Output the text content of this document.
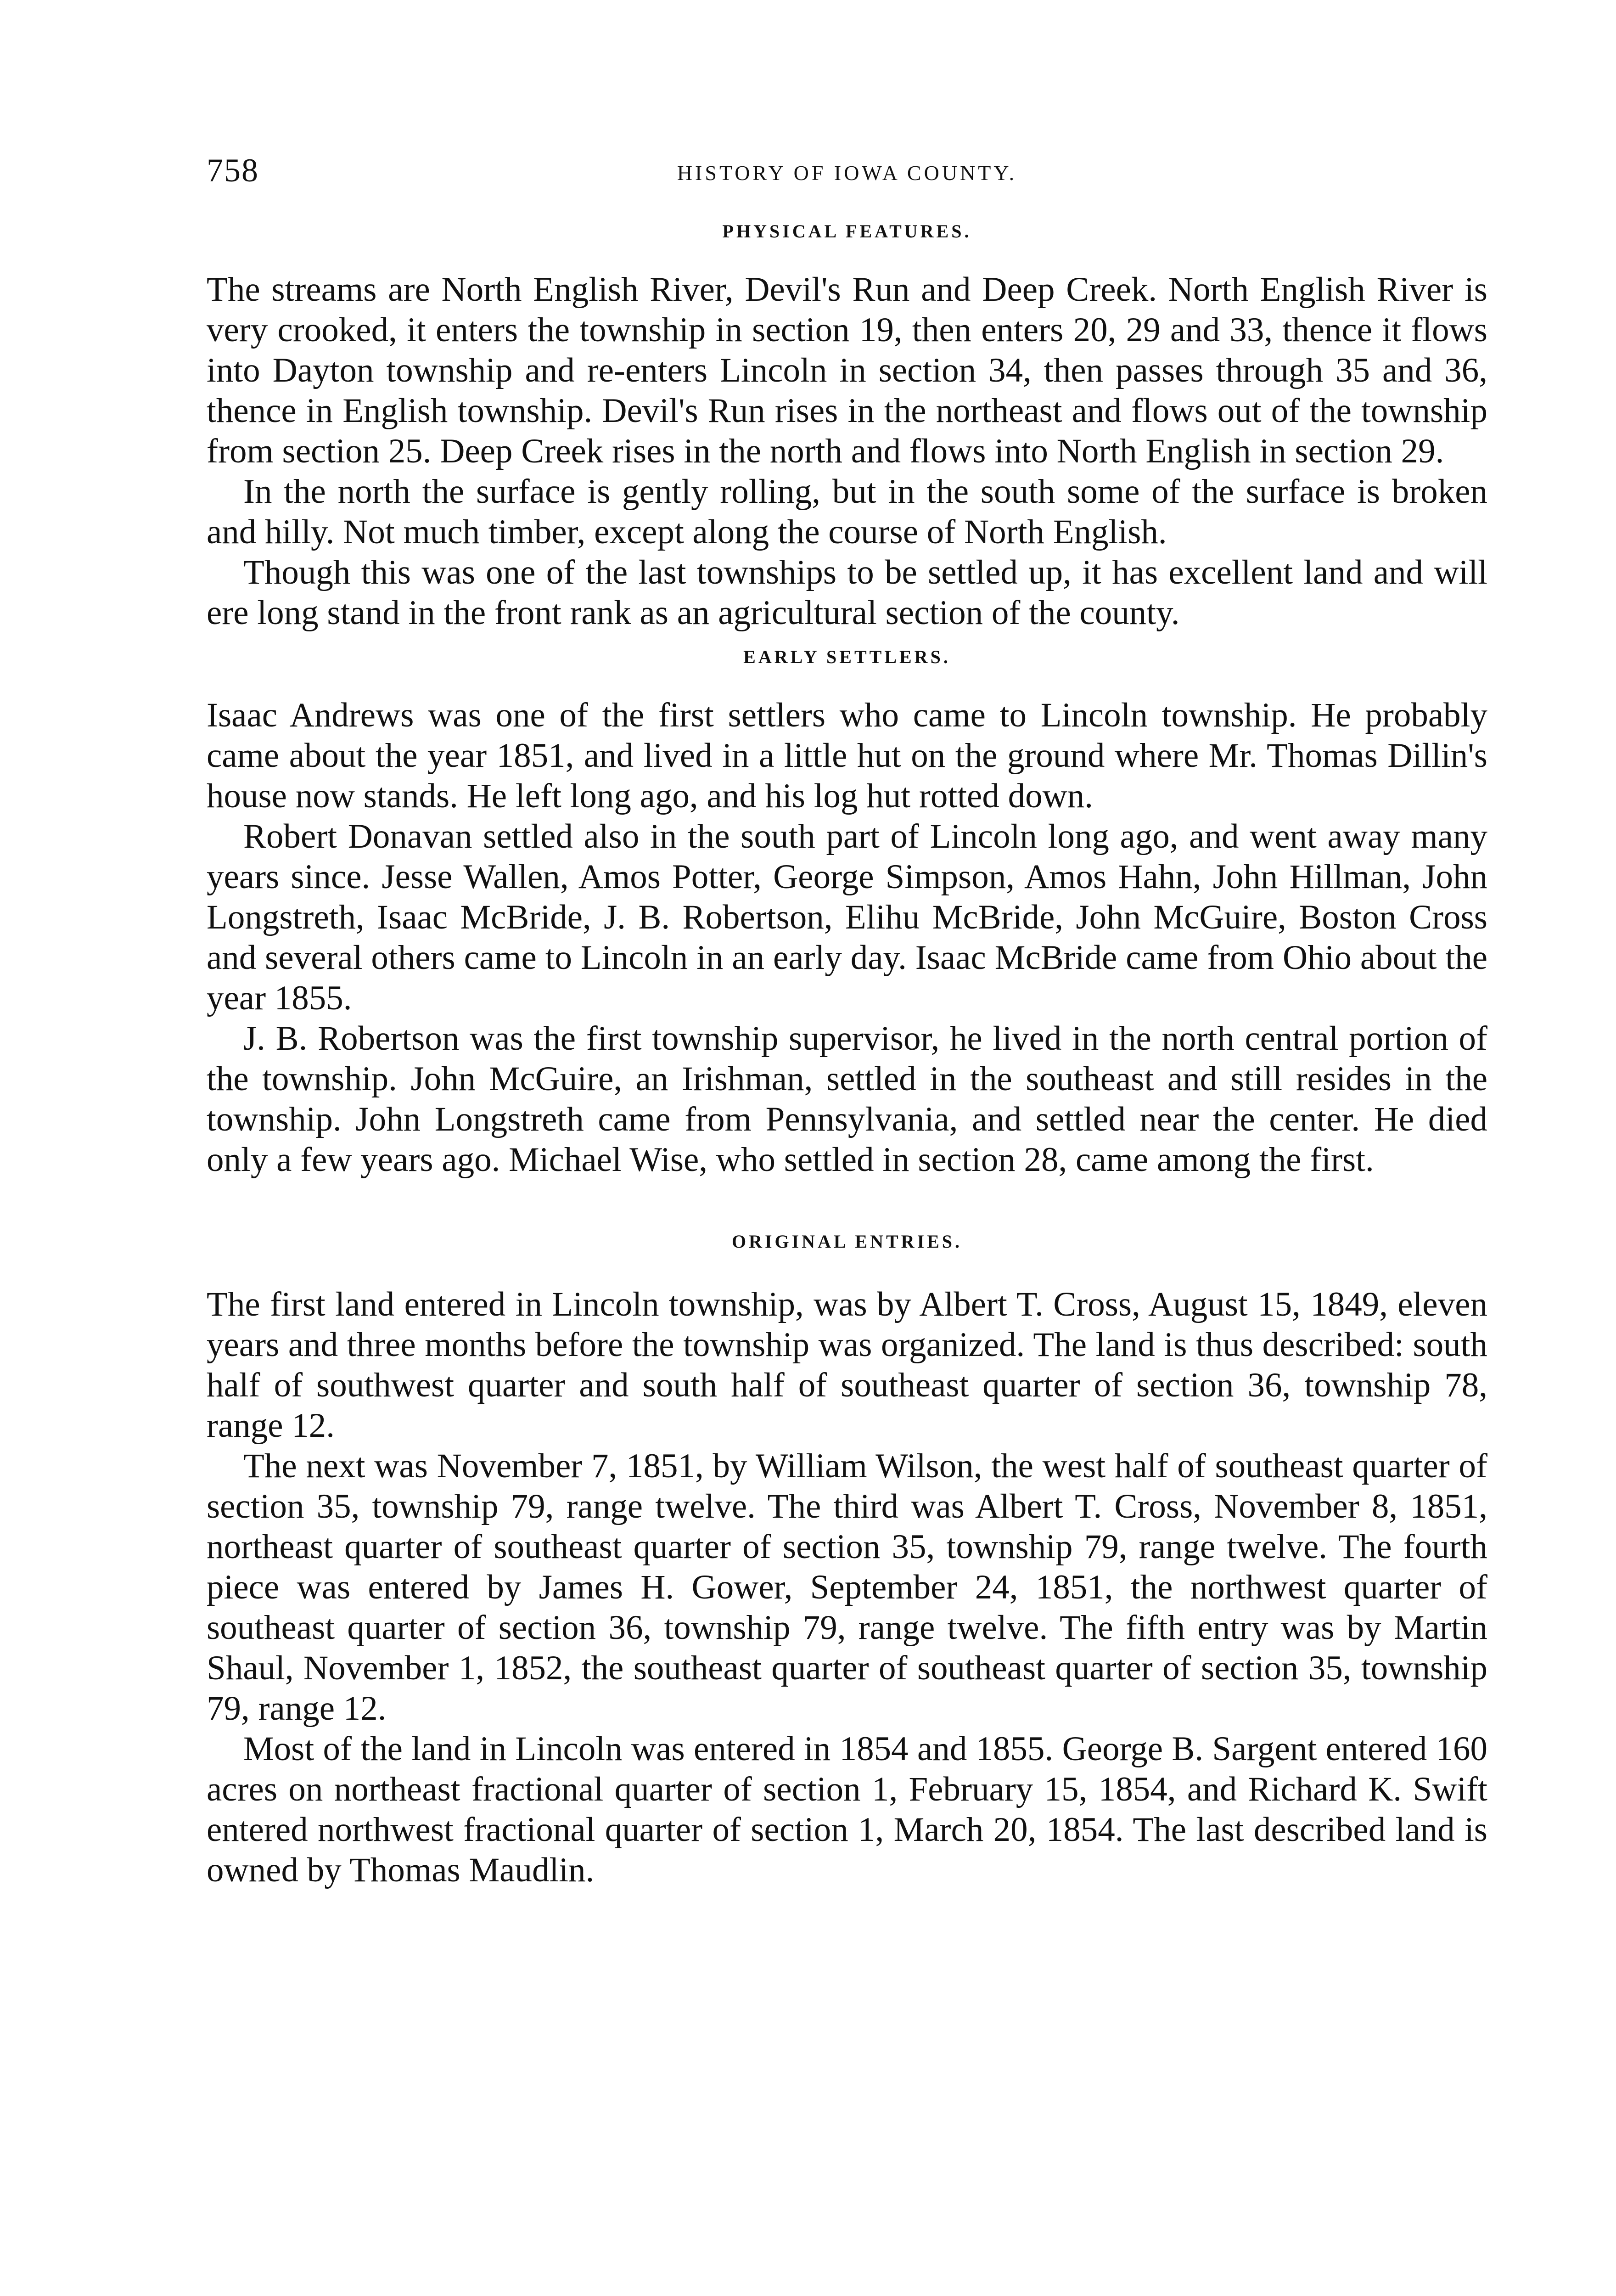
758	HISTORY OF IOWA COUNTY.
PHYSICAL FEATURES.

The streams are North English River, Devil's Run and Deep Creek. North English River is very crooked, it enters the township in section 19, then enters 20, 29 and 33, thence it flows into Dayton township and re-enters Lincoln in section 34, then passes through 35 and 36, thence in English township. Devil's Run rises in the northeast and flows out of the township from section 25. Deep Creek rises in the north and flows into North English in section 29.

In the north the surface is gently rolling, but in the south some of the surface is broken and hilly. Not much timber, except along the course of North English.

Though this was one of the last townships to be settled up, it has excellent land and will ere long stand in the front rank as an agricultural section of the county.

EARLY SETTLERS.

Isaac Andrews was one of the first settlers who came to Lincoln township. He probably came about the year 1851, and lived in a little hut on the ground where Mr. Thomas Dillin's house now stands. He left long ago, and his log hut rotted down.

Robert Donavan settled also in the south part of Lincoln long ago, and went away many years since. Jesse Wallen, Amos Potter, George Simpson, Amos Hahn, John Hillman, John Longstreth, Isaac McBride, J. B. Robertson, Elihu McBride, John McGuire, Boston Cross and several others came to Lincoln in an early day. Isaac McBride came from Ohio about the year 1855.

J. B. Robertson was the first township supervisor, he lived in the north central portion of the township. John McGuire, an Irishman, settled in the southeast and still resides in the township. John Longstreth came from Pennsylvania, and settled near the center. He died only a few years ago. Michael Wise, who settled in section 28, came among the first.

ORIGINAL ENTRIES.

The first land entered in Lincoln township, was by Albert T. Cross, August 15, 1849, eleven years and three months before the township was organized. The land is thus described: south half of southwest quarter and south half of southeast quarter of section 36, township 78, range 12.

The next was November 7, 1851, by William Wilson, the west half of southeast quarter of section 35, township 79, range twelve. The third was Albert T. Cross, November 8, 1851, northeast quarter of southeast quarter of section 35, township 79, range twelve. The fourth piece was entered by James H. Gower, September 24, 1851, the northwest quarter of southeast quarter of section 36, township 79, range twelve. The fifth entry was by Martin Shaul, November 1, 1852, the southeast quarter of southeast quarter of section 35, township 79, range 12.

Most of the land in Lincoln was entered in 1854 and 1855. George B. Sargent entered 160 acres on northeast fractional quarter of section 1, February 15, 1854, and Richard K. Swift entered northwest fractional quarter of section 1, March 20, 1854. The last described land is owned by Thomas Maudlin.
